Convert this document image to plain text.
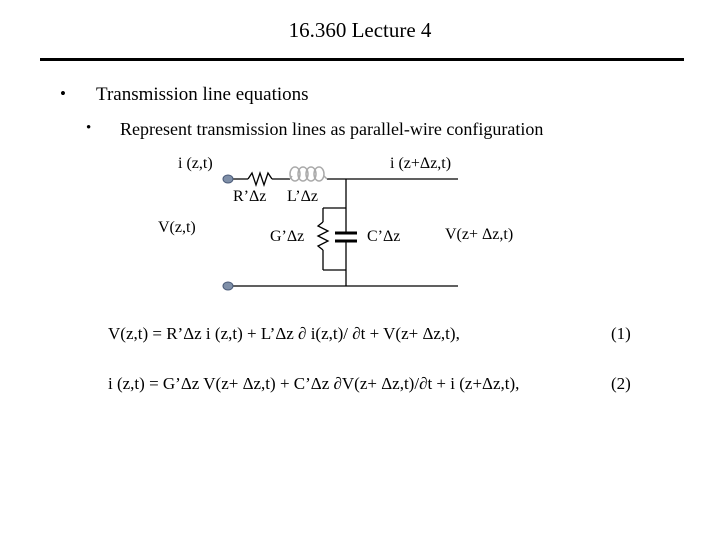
16.360 Lecture 4
• Transmission line equations
• Represent transmission lines as parallel-wire configuration
i (z,t)	i (z+Δz,t)
R’Δz L’Δz
V(z,t)
G’Δz	C’Δz	V(z+ Δz,t)
V(z,t) = R’Δz i (z,t) + L’Δz ∂ i(z,t)/ ∂t + V(z+ Δz,t),	(1)
i (z,t) = G’Δz V(z+ Δz,t) + C’Δz ∂V(z+ Δz,t)/∂t + i (z+Δz,t),	(2)
